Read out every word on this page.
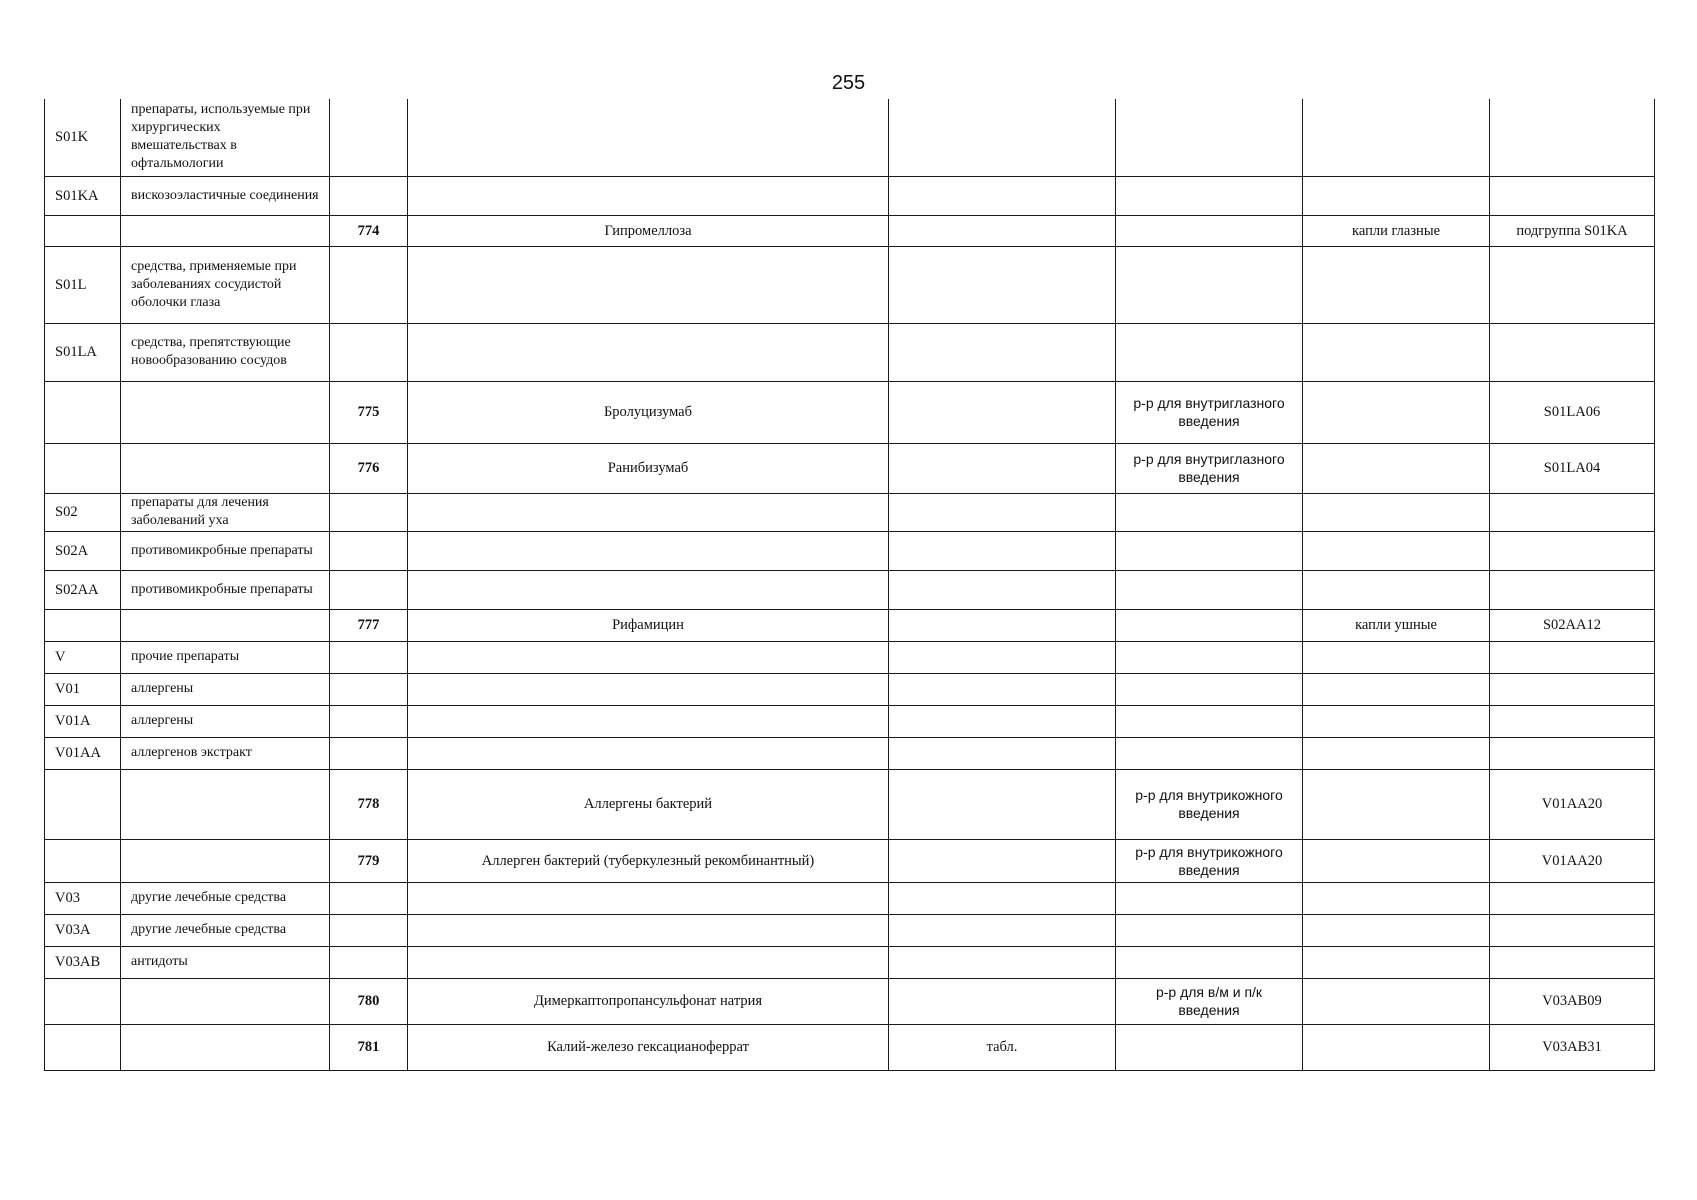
255
S01K	препараты, используемые при хирургических вмешательствах в офтальмологии						
S01KA	вискозоэластичные соединения						
		774	Гипромеллоза			капли глазные	подгруппа S01KA
S01L	средства, применяемые при заболеваниях сосудистой оболочки глаза						
S01LA	средства, препятствующие новообразованию сосудов						
		775	Бролуцизумаб		р-р для внутриглазного введения		S01LA06
		776	Ранибизумаб		р-р для внутриглазного введения		S01LA04
S02	препараты для лечения заболеваний уха						
S02A	противомикробные препараты						
S02AA	противомикробные препараты						
		777	Рифамицин			капли ушные	S02AA12
V	прочие препараты						
V01	аллергены						
V01A	аллергены						
V01AA	аллергенов экстракт						
		778	Аллергены бактерий		р-р для внутрикожного введения		V01AA20
		779	Аллерген бактерий (туберкулезный рекомбинантный)		р-р для внутрикожного введения		V01AA20
V03	другие лечебные средства						
V03A	другие лечебные средства						
V03AB	антидоты						
		780	Димеркаптопропансульфонат натрия		р-р для в/м и п/к введения		V03AB09
		781	Калий-железо гексацианоферрат	табл.			V03AB31
